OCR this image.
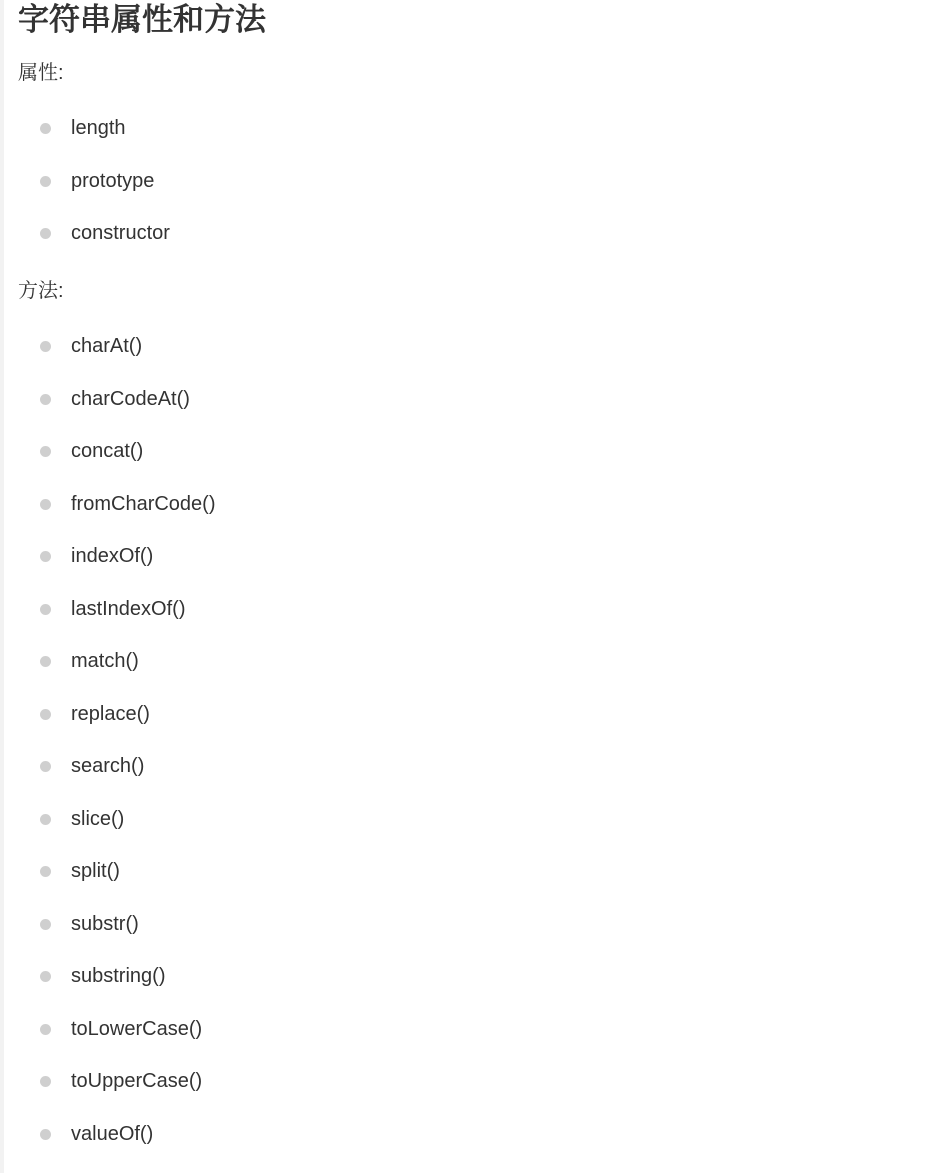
字符串属性和方法
属性:
length
prototype
constructor
方法:
charAt()
charCodeAt()
concat()
fromCharCode()
indexOf()
lastIndexOf()
match()
replace()
search()
slice()
split()
substr()
substring()
toLowerCase()
toUpperCase()
valueOf()
